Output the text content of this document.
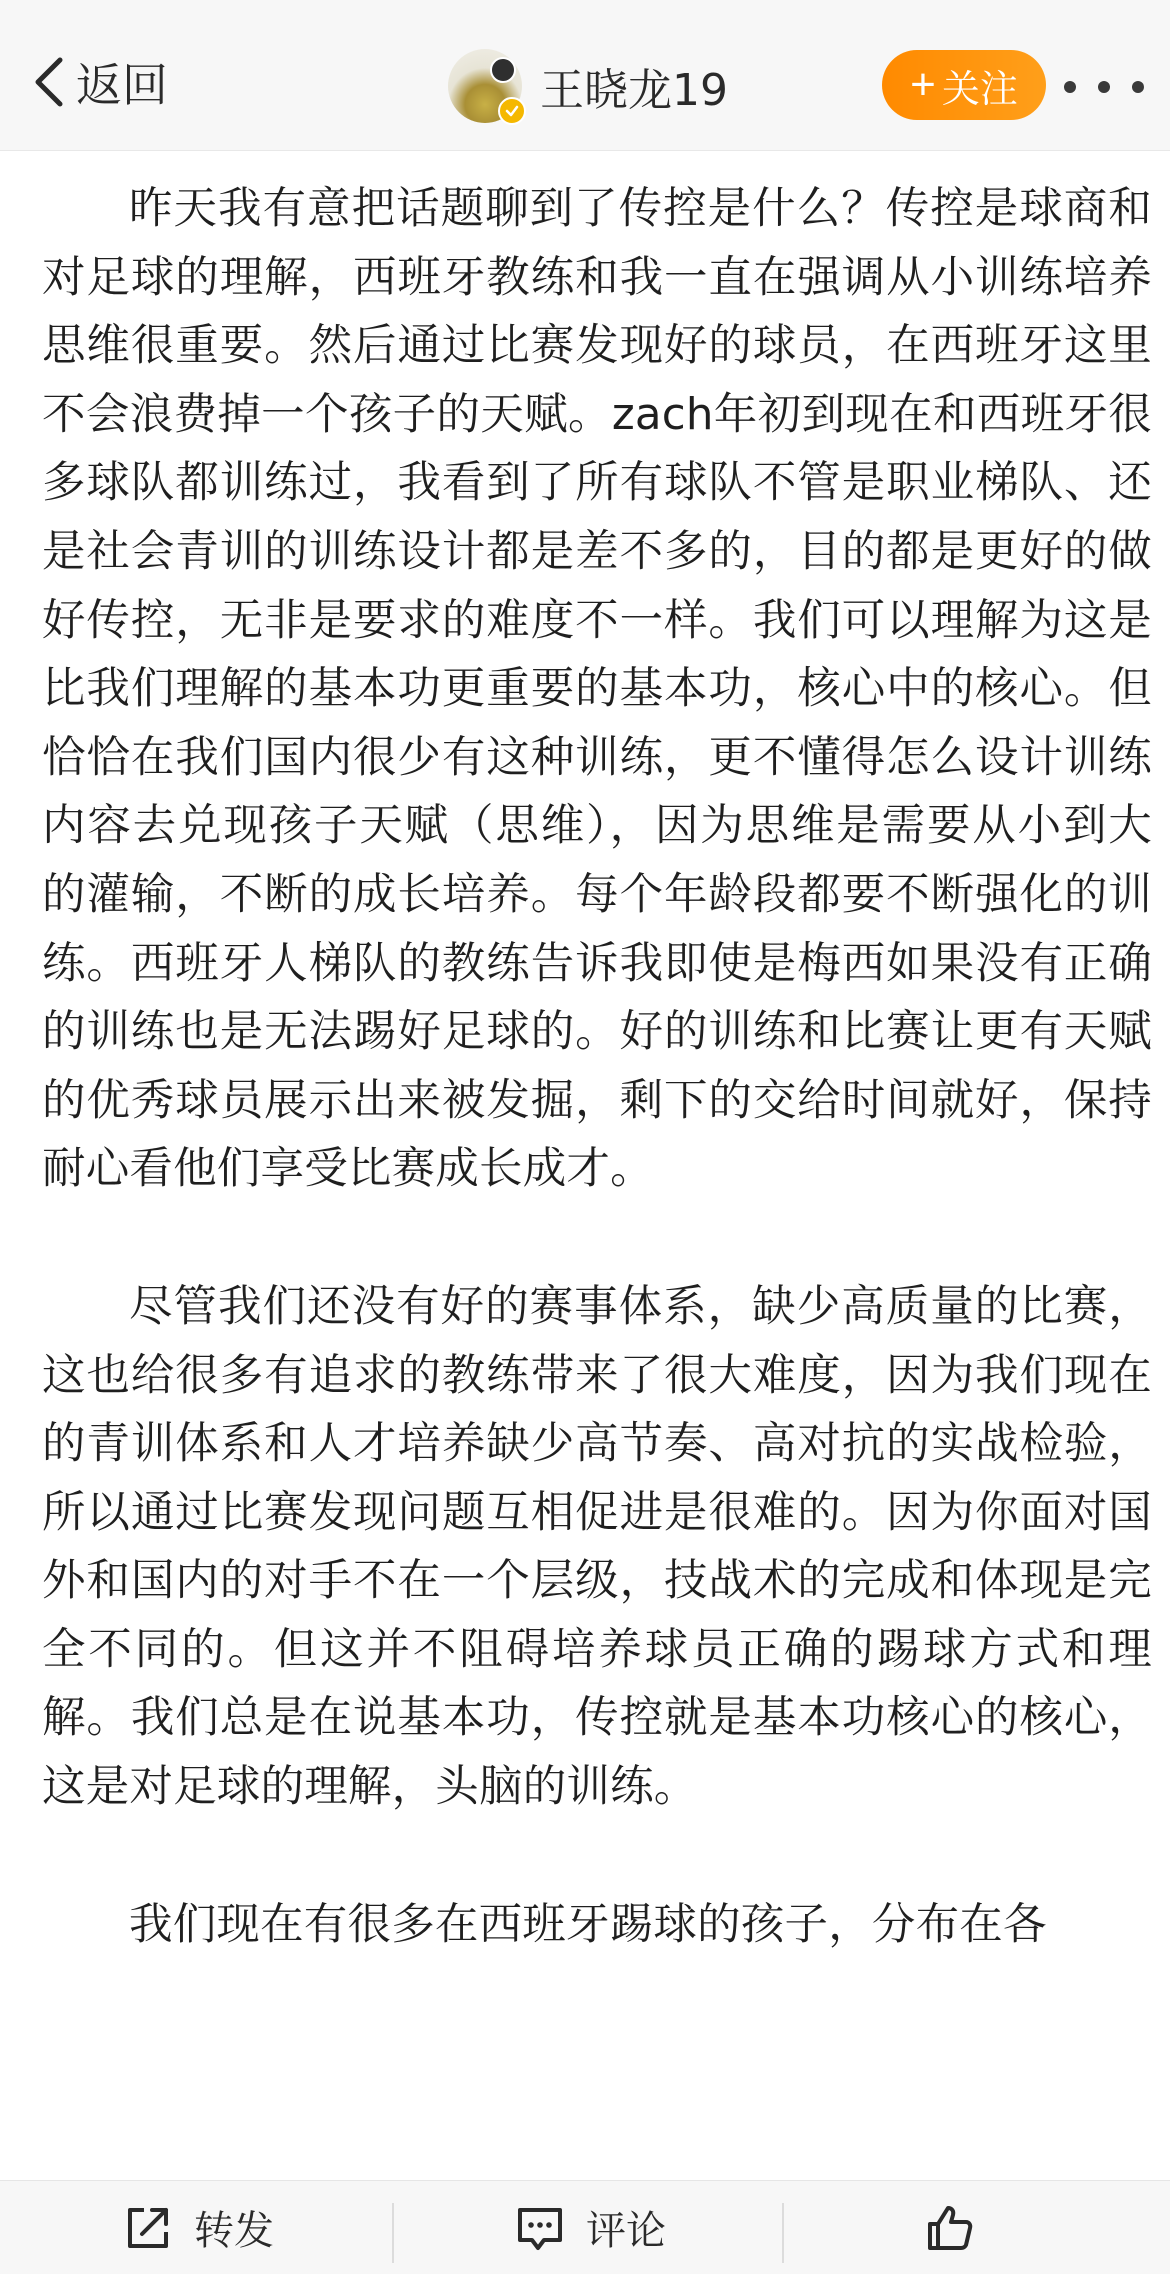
返回	王晓龙19	+ 关注

昨天我有意把话题聊到了传控是什么？传控是球商和对足球的理解，西班牙教练和我一直在强调从小训练培养思维很重要。然后通过比赛发现好的球员，在西班牙这里不会浪费掉一个孩子的天赋。zach年初到现在和西班牙很多球队都训练过，我看到了所有球队不管是职业梯队、还是社会青训的训练设计都是差不多的，目的都是更好的做好传控，无非是要求的难度不一样。我们可以理解为这是比我们理解的基本功更重要的基本功，核心中的核心。但恰恰在我们国内很少有这种训练，更不懂得怎么设计训练内容去兑现孩子天赋（思维），因为思维是需要从小到大的灌输，不断的成长培养。每个年龄段都要不断强化的训练。西班牙人梯队的教练告诉我即使是梅西如果没有正确的训练也是无法踢好足球的。好的训练和比赛让更有天赋的优秀球员展示出来被发掘，剩下的交给时间就好，保持耐心看他们享受比赛成长成才。

尽管我们还没有好的赛事体系，缺少高质量的比赛，这也给很多有追求的教练带来了很大难度，因为我们现在的青训体系和人才培养缺少高节奏、高对抗的实战检验，所以通过比赛发现问题互相促进是很难的。因为你面对国外和国内的对手不在一个层级，技战术的完成和体现是完全不同的。但这并不阻碍培养球员正确的踢球方式和理解。我们总是在说基本功，传控就是基本功核心的核心，这是对足球的理解，头脑的训练。

我们现在有很多在西班牙踢球的孩子，分布在各

转发	评论
